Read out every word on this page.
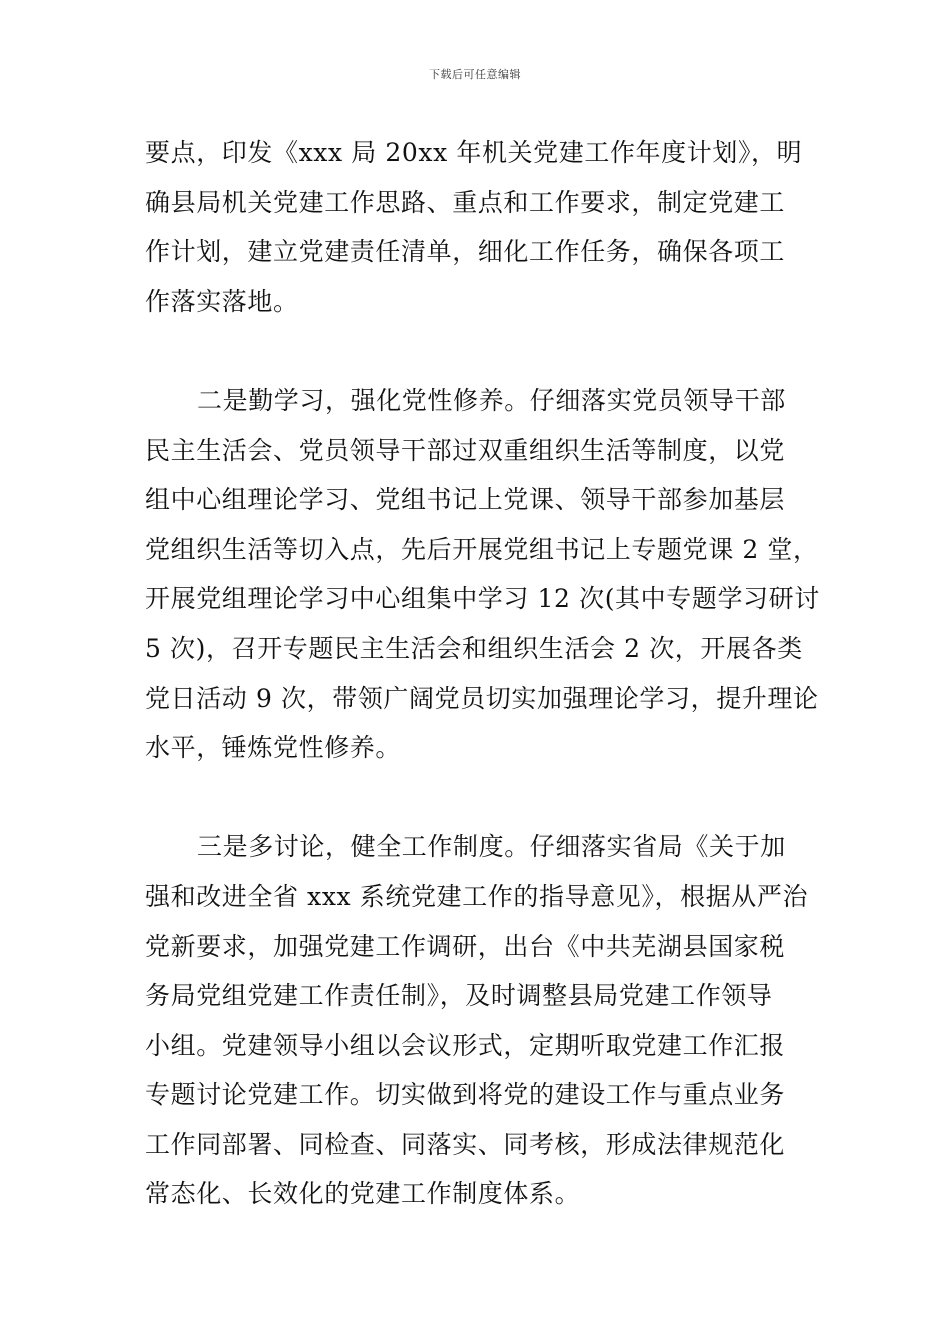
下载后可任意编辑
要点，印发《xxx 局 20xx 年机关党建工作年度计划》，明
确县局机关党建工作思路、重点和工作要求，制定党建工
作计划，建立党建责任清单，细化工作任务，确保各项工
作落实落地。
二是勤学习，强化党性修养。仔细落实党员领导干部
民主生活会、党员领导干部过双重组织生活等制度，以党
组中心组理论学习、党组书记上党课、领导干部参加基层
党组织生活等切入点，先后开展党组书记上专题党课 2 堂，
开展党组理论学习中心组集中学习 12 次(其中专题学习研讨
5 次)，召开专题民主生活会和组织生活会 2 次，开展各类
党日活动 9 次，带领广阔党员切实加强理论学习，提升理论
水平，锤炼党性修养。
三是多讨论，健全工作制度。仔细落实省局《关于加
强和改进全省 xxx 系统党建工作的指导意见》，根据从严治
党新要求，加强党建工作调研，出台《中共芜湖县国家税
务局党组党建工作责任制》，及时调整县局党建工作领导
小组。党建领导小组以会议形式，定期听取党建工作汇报
专题讨论党建工作。切实做到将党的建设工作与重点业务
工作同部署、同检查、同落实、同考核，形成法律规范化
常态化、长效化的党建工作制度体系。
